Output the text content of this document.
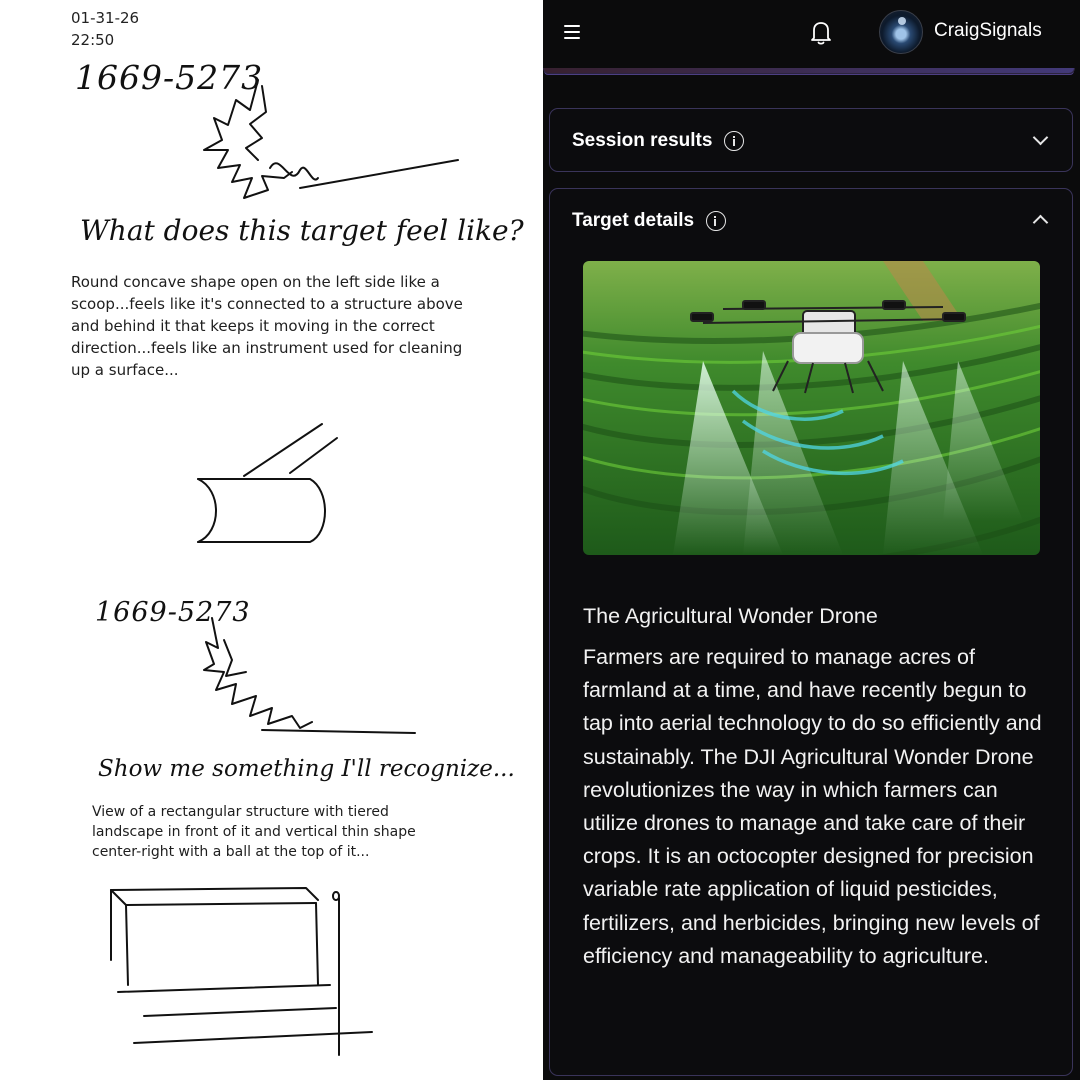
01-31-26
22:50
1669-5273
What does this target feel like?
Round concave shape open on the left side like a scoop...feels like it's connected to a structure above and behind it that keeps it moving in the correct direction...feels like an instrument used for cleaning up a surface...
1669-5273
Show me something I'll recognize...
View of a rectangular structure with tiered landscape in front of it and vertical thin shape center-right with a ball at the top of it...
CraigSignals
Session results
Target details
The Agricultural Wonder Drone
Farmers are required to manage acres of farmland at a time, and have recently begun to tap into aerial technology to do so efficiently and sustainably. The DJI Agricultural Wonder Drone revolutionizes the way in which farmers can utilize drones to manage and take care of their crops. It is an octocopter designed for precision variable rate application of liquid pesticides, fertilizers, and herbicides, bringing new levels of efficiency and manageability to agriculture.
